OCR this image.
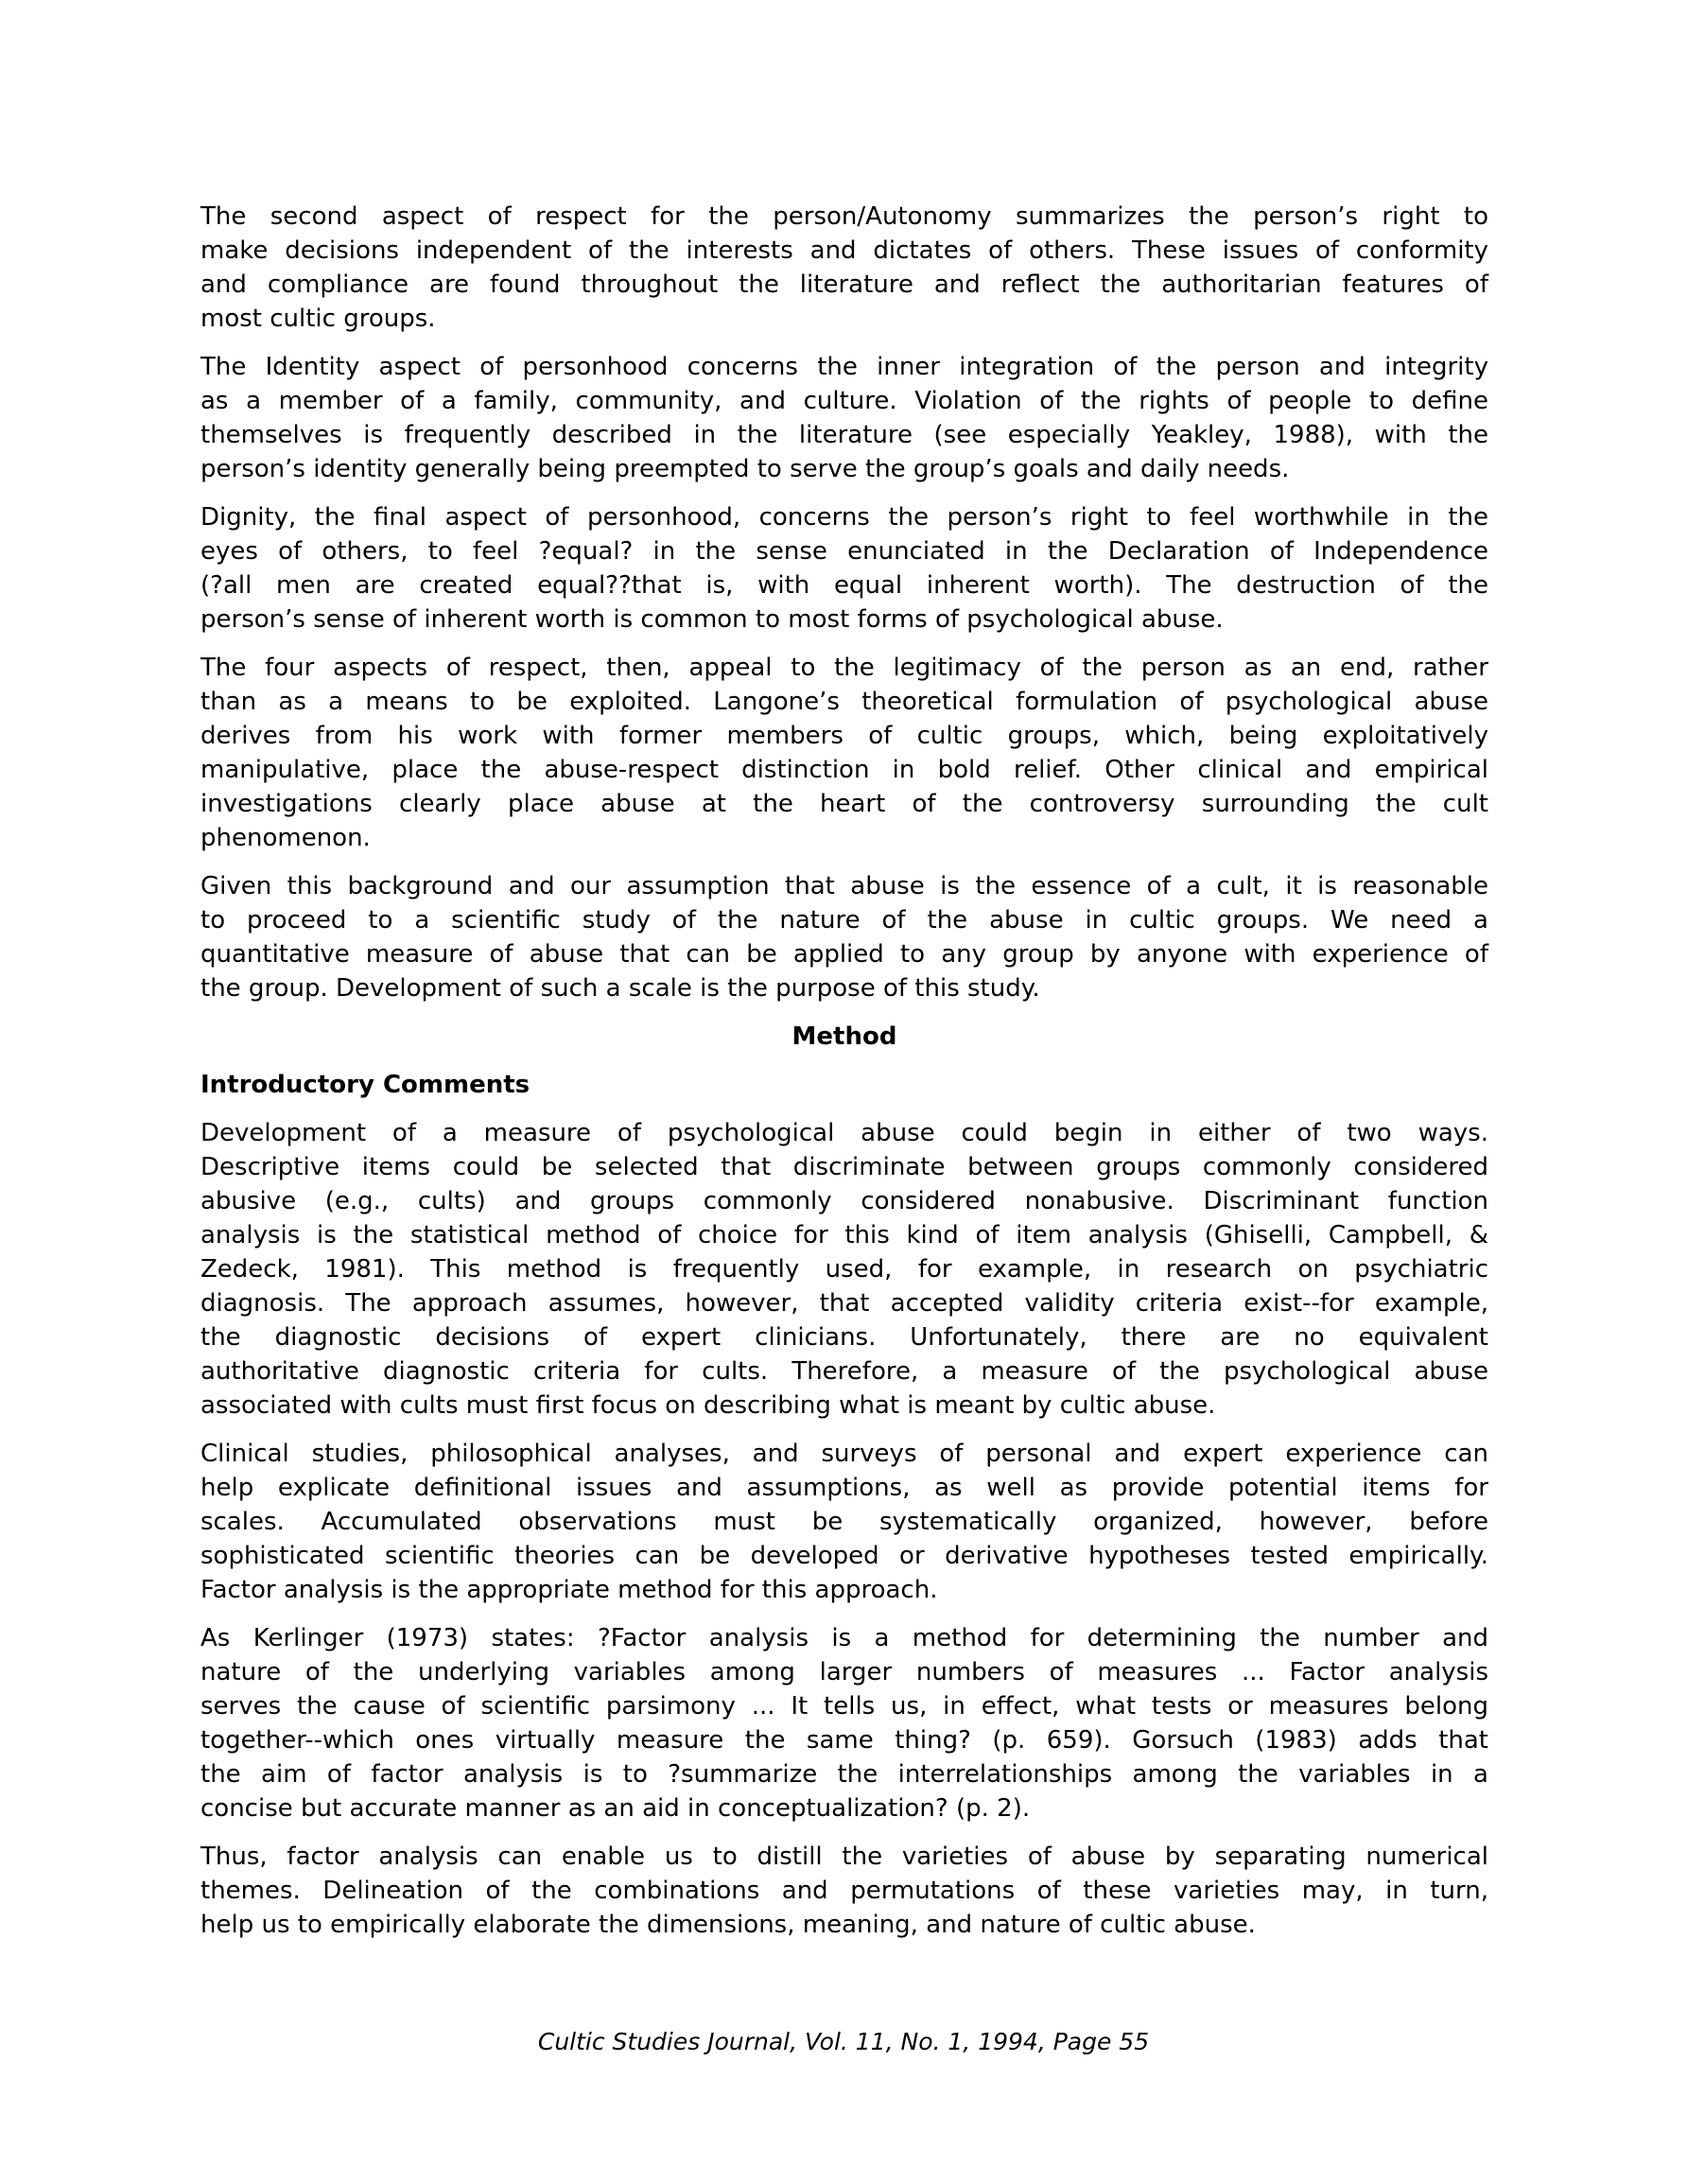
The second aspect of respect for the person/Autonomy summarizes the person’s right to
make decisions independent of the interests and dictates of others. These issues of conformity
and compliance are found throughout the literature and reflect the authoritarian features of
most cultic groups.
The Identity aspect of personhood concerns the inner integration of the person and integrity
as a member of a family, community, and culture. Violation of the rights of people to define
themselves is frequently described in the literature (see especially Yeakley, 1988), with the
person’s identity generally being preempted to serve the group’s goals and daily needs.
Dignity, the final aspect of personhood, concerns the person’s right to feel worthwhile in the
eyes of others, to feel ?equal? in the sense enunciated in the Declaration of Independence
(?all men are created equal??that is, with equal inherent worth). The destruction of the
person’s sense of inherent worth is common to most forms of psychological abuse.
The four aspects of respect, then, appeal to the legitimacy of the person as an end, rather
than as a means to be exploited. Langone’s theoretical formulation of psychological abuse
derives from his work with former members of cultic groups, which, being exploitatively
manipulative, place the abuse-respect distinction in bold relief. Other clinical and empirical
investigations clearly place abuse at the heart of the controversy surrounding the cult
phenomenon.
Given this background and our assumption that abuse is the essence of a cult, it is reasonable
to proceed to a scientific study of the nature of the abuse in cultic groups. We need a
quantitative measure of abuse that can be applied to any group by anyone with experience of
the group. Development of such a scale is the purpose of this study.
Method
Introductory Comments
Development of a measure of psychological abuse could begin in either of two ways.
Descriptive items could be selected that discriminate between groups commonly considered
abusive (e.g., cults) and groups commonly considered nonabusive. Discriminant function
analysis is the statistical method of choice for this kind of item analysis (Ghiselli, Campbell, &
Zedeck, 1981). This method is frequently used, for example, in research on psychiatric
diagnosis. The approach assumes, however, that accepted validity criteria exist--for example,
the diagnostic decisions of expert clinicians. Unfortunately, there are no equivalent
authoritative diagnostic criteria for cults. Therefore, a measure of the psychological abuse
associated with cults must first focus on describing what is meant by cultic abuse.
Clinical studies, philosophical analyses, and surveys of personal and expert experience can
help explicate definitional issues and assumptions, as well as provide potential items for
scales. Accumulated observations must be systematically organized, however, before
sophisticated scientific theories can be developed or derivative hypotheses tested empirically.
Factor analysis is the appropriate method for this approach.
As Kerlinger (1973) states: ?Factor analysis is a method for determining the number and
nature of the underlying variables among larger numbers of measures ... Factor analysis
serves the cause of scientific parsimony ... It tells us, in effect, what tests or measures belong
together--which ones virtually measure the same thing? (p. 659). Gorsuch (1983) adds that
the aim of factor analysis is to ?summarize the interrelationships among the variables in a
concise but accurate manner as an aid in conceptualization? (p. 2).
Thus, factor analysis can enable us to distill the varieties of abuse by separating numerical
themes. Delineation of the combinations and permutations of these varieties may, in turn,
help us to empirically elaborate the dimensions, meaning, and nature of cultic abuse.
Cultic Studies Journal, Vol. 11, No. 1, 1994, Page 55
